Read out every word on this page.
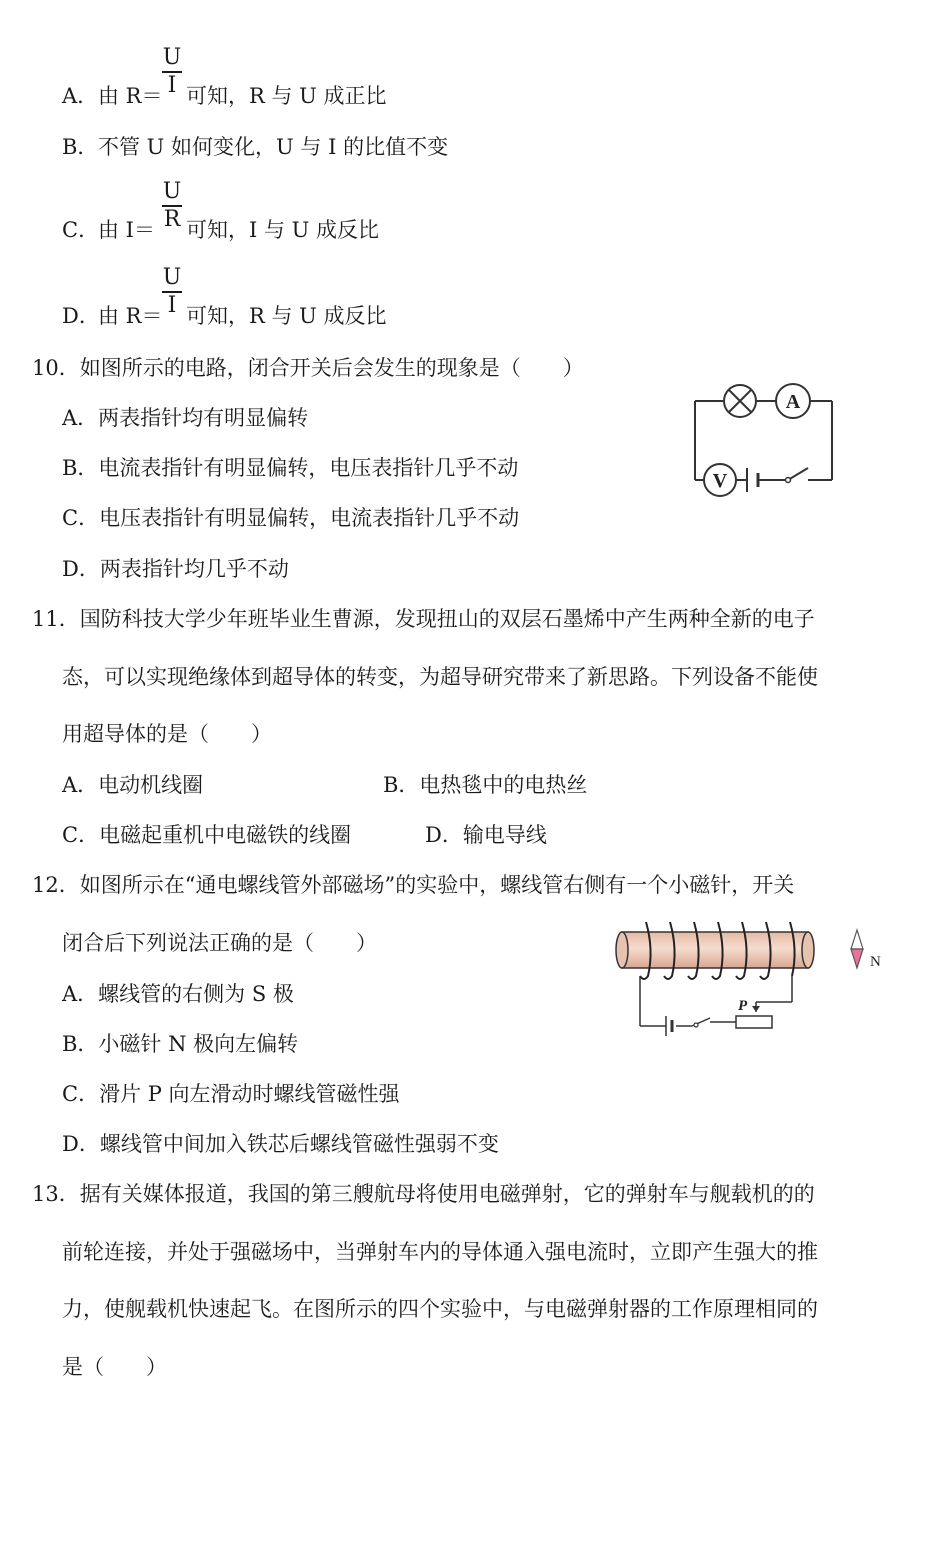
A． 由 R＝
U
I 可知，R 与 U 成正比
B． 不管 U 如何变化，U 与 I 的比值不变
C．
由 I＝
U
R 可知，I 与 U 成反比
D．
由 R＝
U
I 可知，R 与 U 成反比
10．如图所示的电路，闭合开关后会发生的现象是（　　）
A．两表指针均有明显偏转
B．电流表指针有明显偏转，电压表指针几乎不动
C．电压表指针有明显偏转，电流表指针几乎不动
D．两表指针均几乎不动
A
V
11．国防科技大学少年班毕业生曹源，发现扭山的双层石墨烯中产生两种全新的电子
态，可以实现绝缘体到超导体的转变，为超导研究带来了新思路。下列设备不能使
用超导体的是（　　）
A．电动机线圈	B．电热毯中的电热丝
C．电磁起重机中电磁铁的线圈	D．输电导线
12．如图所示在“通电螺线管外部磁场”的实验中，螺线管右侧有一个小磁针，开关
闭合后下列说法正确的是（　　）
A．螺线管的右侧为 S 极
B．小磁针 N 极向左偏转
C．滑片 P 向左滑动时螺线管磁性强
D．螺线管中间加入铁芯后螺线管磁性强弱不变
P
N
13．据有关媒体报道，我国的第三艘航母将使用电磁弹射，它的弹射车与舰载机的的
前轮连接，并处于强磁场中，当弹射车内的导体通入强电流时，立即产生强大的推
力，使舰载机快速起飞。在图所示的四个实验中，与电磁弹射器的工作原理相同的
是（　　）
